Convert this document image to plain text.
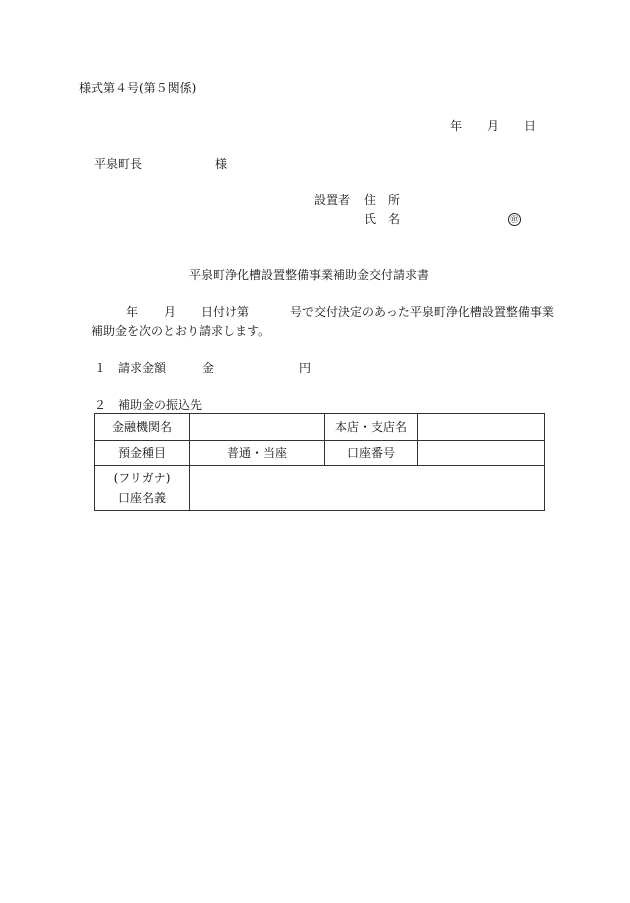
様式第４号(第５関係)
年 月 日
平泉町長	様
設置者 住　所
氏　名	㊞
平泉町浄化槽設置整備事業補助金交付請求書
年 月 日付け第	号で交付決定のあった平泉町浄化槽設置整備事業
補助金を次のとおり請求します。
１　請求金額	金	円
２　補助金の振込先
金融機関名		本店・支店名	
預金種目	普通・当座	口座番号	

(フリガナ)
口座名義			
